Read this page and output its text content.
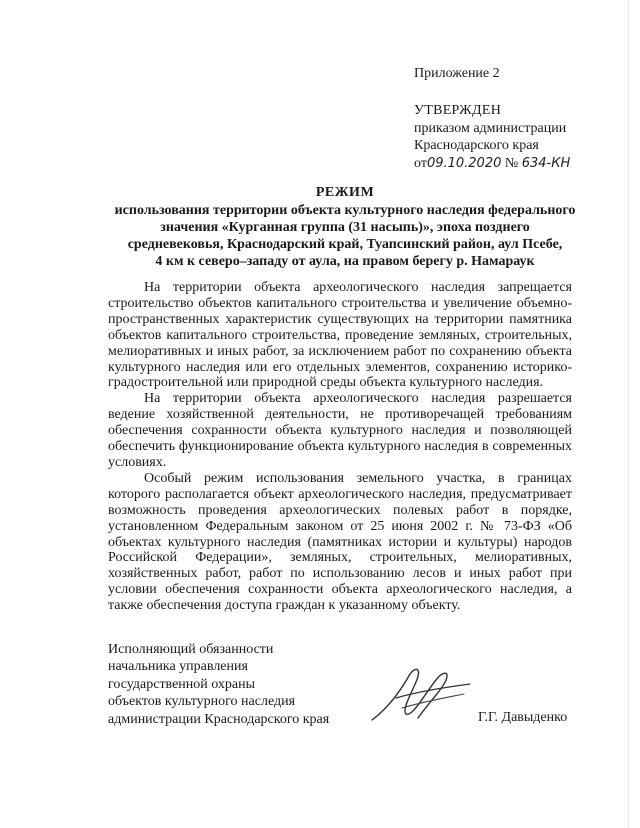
Приложение 2
УТВЕРЖДЕН
приказом администрации
Краснодарского края
от09.10.2020 № 634-КН
РЕЖИМ
использования территории объекта культурного наследия федерального
значения «Курганная группа (31 насыпь)», эпоха позднего
средневековья, Краснодарский край, Туапсинский район, аул Псебе,
4 км к северо–западу от аула, на правом берегу р. Намараук

На территории объекта археологического наследия запрещается строительство объектов капитального строительства и увеличение объемно-пространственных характеристик существующих на территории памятника объектов капитального строительства, проведение земляных, строительных, мелиоративных и иных работ, за исключением работ по сохранению объекта культурного наследия или его отдельных элементов, сохранению историко-градостроительной или природной среды объекта культурного наследия.

На территории объекта археологического наследия разрешается ведение хозяйственной деятельности, не противоречащей требованиям обеспечения сохранности объекта культурного наследия и позволяющей обеспечить функционирование объекта культурного наследия в современных условиях.

Особый режим использования земельного участка, в границах которого располагается объект археологического наследия, предусматривает возможность проведения археологических полевых работ в порядке, установленном Федеральным законом от 25 июня 2002 г. № 73-ФЗ «Об объектах культурного наследия (памятниках истории и культуры) народов Российской Федерации», земляных, строительных, мелиоративных, хозяйственных работ, работ по использованию лесов и иных работ при условии обеспечения сохранности объекта археологического наследия, а также обеспечения доступа граждан к указанному объекту.

Исполняющий обязанности
начальника управления
государственной охраны
объектов культурного наследия
администрации Краснодарского края	Г.Г. Давыденко
